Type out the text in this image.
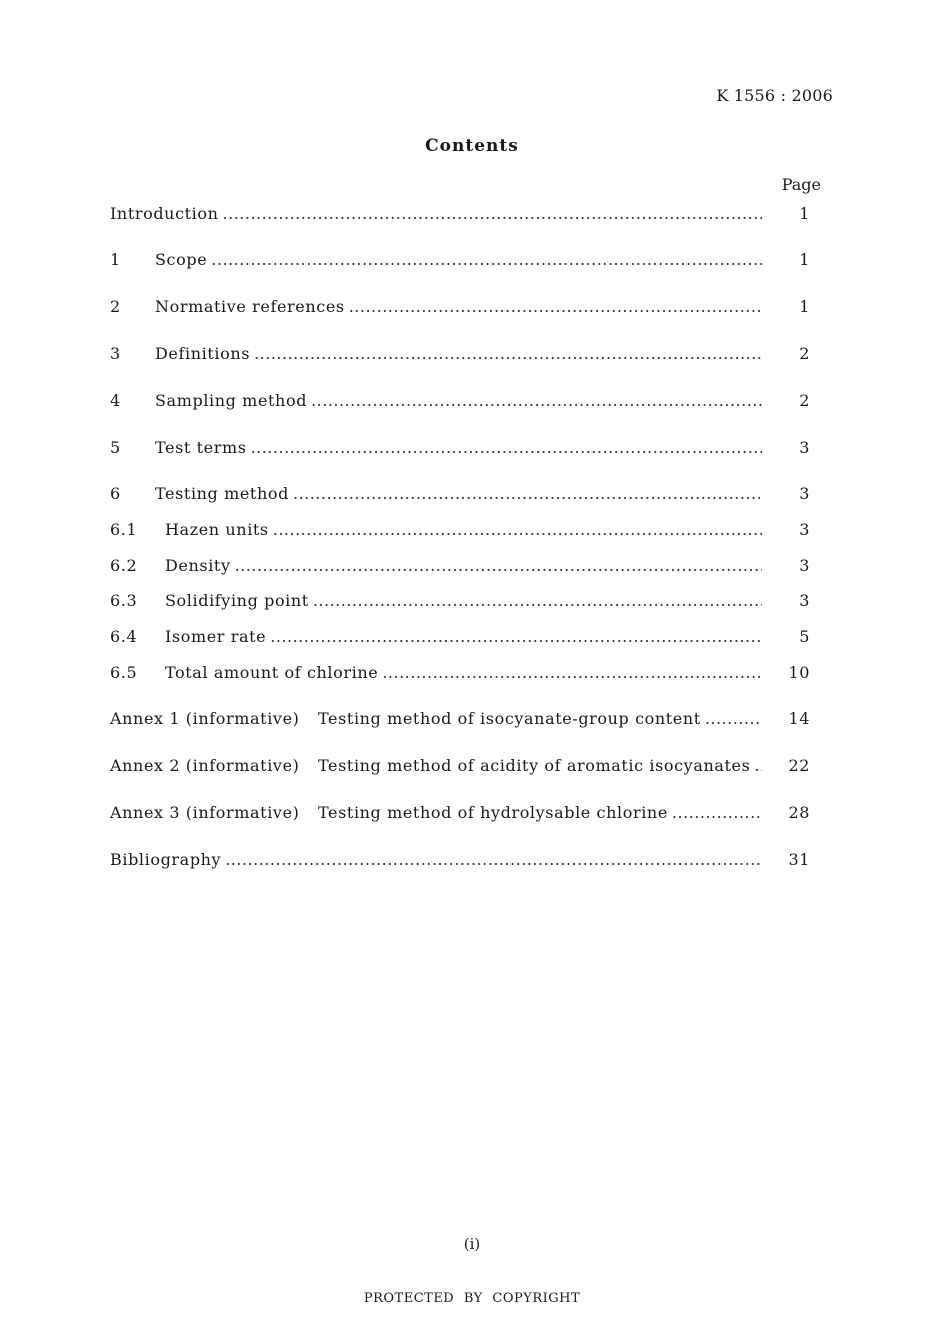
K 1556 : 2006
Contents
Page
Introduction .....	1
1	Scope .....	1
2	Normative references .....	1
3	Definitions .....	2
4	Sampling method .....	2
5	Test terms .....	3
6	Testing method .....	3
6.1	Hazen units .....	3
6.2	Density .....	3
6.3	Solidifying point .....	3
6.4	Isomer rate .....	5
6.5	Total amount of chlorine .....	10
Annex 1 (informative)	Testing method of isocyanate-group content .....	14
Annex 2 (informative)	Testing method of acidity of aromatic isocyanates .....	22
Annex 3 (informative)	Testing method of hydrolysable chlorine .....	28
Bibliography .....	31
(i)
PROTECTED BY COPYRIGHT
